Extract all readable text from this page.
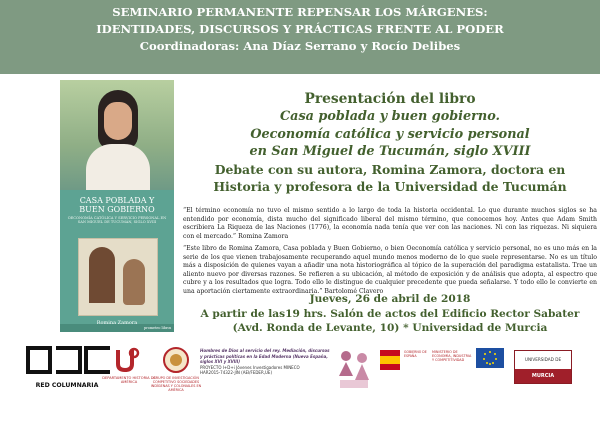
SEMINARIO PERMANENTE REPENSAR LOS MÁRGENES:
IDENTIDADES, DISCURSOS Y PRÁCTICAS FRENTE AL PODER
Coordinadoras: Ana Díaz Serrano y Rocío Delibes
CASA POBLADA Y BUEN GOBIERNO
OECONOMÍA CATÓLICA Y SERVICIO PERSONAL EN SAN MIGUEL DE TUCUMÁN, SIGLO XVIII
Romina Zamora
prometeo libros
Presentación del libro
Casa poblada y buen gobierno.
Oeconomía católica y servicio personal
en San Miguel de Tucumán, siglo XVIII
Debate con su autora, Romina Zamora, doctora en
Historia y profesora de la Universidad de Tucumán
“El término economía no tuvo el mismo sentido a lo largo de toda la historia occidental. Lo que durante muchos siglos se ha entendido por economía, dista mucho del significado liberal del mismo término, que conocemos hoy. Antes que Adam Smith escribiera La Riqueza de las Naciones (1776), la economía nada tenía que ver con las naciones. Ni con las riquezas. Ni siquiera con el mercado.” Romina Zamora
“Este libro de Romina Zamora, Casa poblada y Buen Gobierno, o bien Oeconomía católica y servicio personal, no es uno más en la serie de los que vienen trabajosamente recuperando aquel mundo menos moderno de lo que suele representarse. No es un título más a disposición de quienes vayan a añadir una nota historiográfica al tópico de la superación del paradigma estatalista. Trae un aliento nuevo por diversas razones. Se refieren a su ubicación, al método de exposición y de análisis que adopta, al espectro que cubre y a los resultados que logra. Todo ello le distingue de cualquier precedente que pueda señalarse. Y todo ello le convierte en una aportación ciertamente extraordinaria.” Bartolomé Clavero
Jueves, 26 de abril de 2018
A partir de las19 hrs. Salón de actos del Edificio Rector Sabater
(Avd. Ronda de Levante, 10) * Universidad de Murcia
RED COLUMNARIA
DEPARTAMENTO HISTORIA DE AMÉRICA
GRUPO DE INVESTIGACIÓN COMPETITIVO SOCIEDADES INDÍGENAS Y COLONIALES EN AMÉRICA
Hombres de Dios al servicio del rey. Mediación, discursos y prácticas políticas en la Edad Moderna (Nueva España, siglos XVI y XVIII)
PROYECTO I+D+i Jóvenes Investigadores MINECO
HAR2015-74322-JIN (AEI/FEDER,UE)
GOBIERNO DE ESPAÑA
MINISTERIO DE ECONOMÍA, INDUSTRIA Y COMPETITIVIDAD	UNIVERSIDAD DE
MURCIA
